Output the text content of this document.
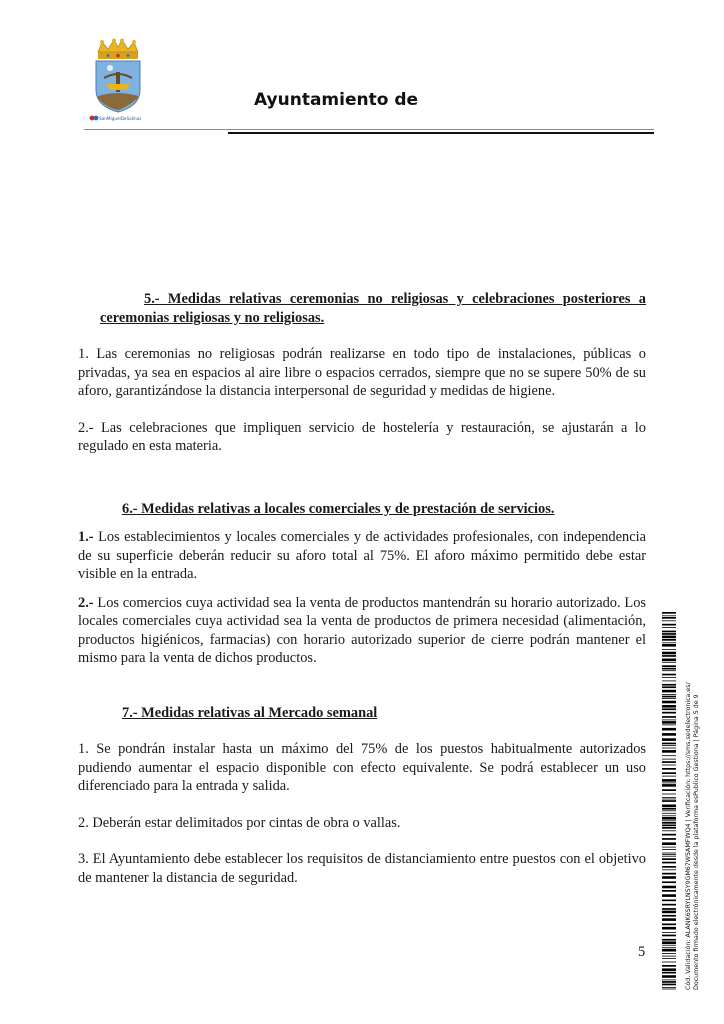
SanMiguelDeSalinas
Ayuntamiento de
5.- Medidas relativas ceremonias no religiosas y celebraciones posteriores a ceremonias religiosas y no religiosas.

1. Las ceremonias no religiosas podrán realizarse en todo tipo de instalaciones, públicas o privadas, ya sea en espacios al aire libre o espacios cerrados, siempre que no se supere 50% de su aforo, garantizándose la distancia interpersonal de seguridad y medidas de higiene.

2.- Las celebraciones que impliquen servicio de hostelería y restauración, se ajustarán a lo regulado en esta materia.

6.- Medidas relativas a locales comerciales y de prestación de servicios.

1.- Los establecimientos y locales comerciales y de actividades profesionales, con independencia de su superficie deberán reducir su aforo total al 75%. El aforo máximo permitido debe estar visible en la entrada.

2.- Los comercios cuya actividad sea la venta de productos mantendrán su horario autorizado. Los locales comerciales cuya actividad sea la venta de productos de primera necesidad (alimentación, productos higiénicos, farmacias) con horario autorizado superior de cierre podrán mantener el mismo para la venta de dichos productos.

7.- Medidas relativas al Mercado semanal

1. Se pondrán instalar hasta un máximo del 75% de los puestos habitualmente autorizados pudiendo aumentar el espacio disponible con efecto equivalente. Se podrá establecer un uso diferenciado para la entrada y salida.

2. Deberán estar delimitados por cintas de obra o vallas.

3. El Ayuntamiento debe establecer los requisitos de distanciamiento entre puestos con el objetivo de mantener la distancia de seguridad.

5	Cód. Validación: ALANK6SRYLNSY9GM67W5AMFWQ4 | Verificación: https://sms.sedelectronica.es/ Documento firmado electrónicamente desde la plataforma esPublico Gestiona | Página 5 de 9
